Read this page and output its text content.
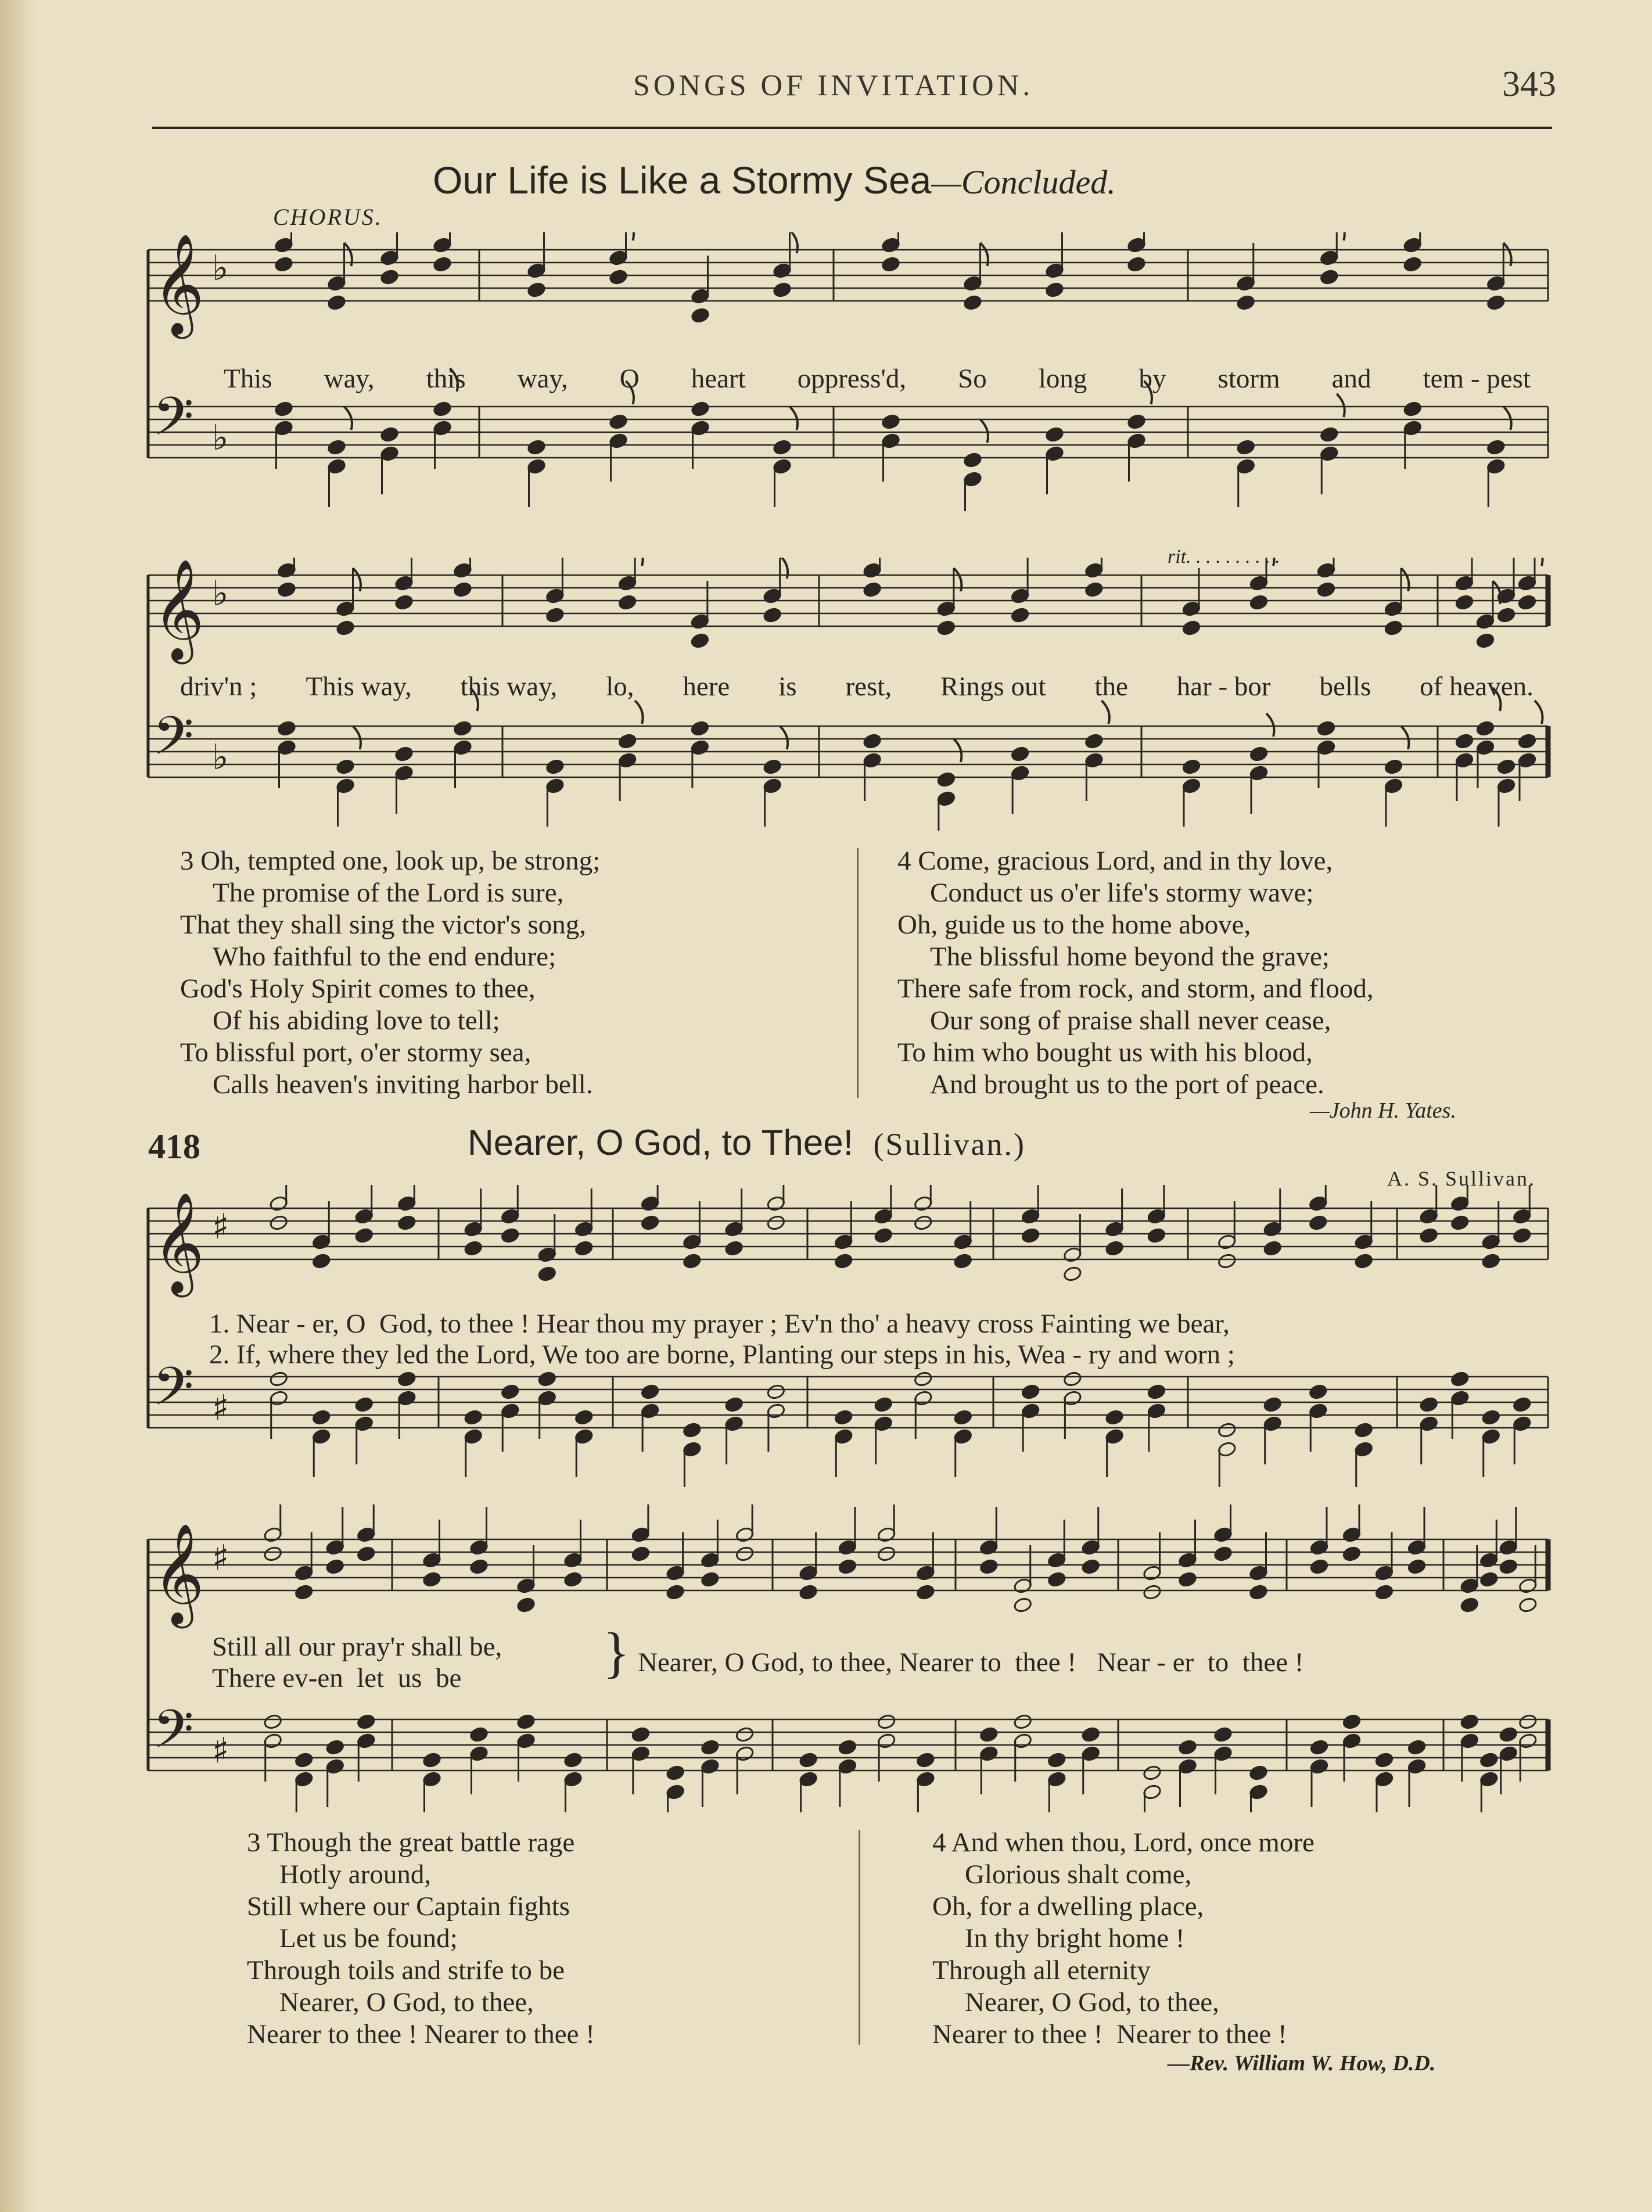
SONGS OF INVITATION.	343
Our Life is Like a Stormy Sea—Concluded.
CHORUS.
𝄞 ♭
𝄢 ♭
This way, this way, O heart oppress'd, So long by storm and tem - pest
rit. . . . . . . . . .
𝄞 ♭
𝄢 ♭
driv'n ; This way, this way, lo, here is rest, Rings out the har - bor bells of heaven.
3 Oh, tempted one, look up, be strong;
The promise of the Lord is sure,
That they shall sing the victor's song,
Who faithful to the end endure;
God's Holy Spirit comes to thee,
Of his abiding love to tell;
To blissful port, o'er stormy sea,
Calls heaven's inviting harbor bell.
4 Come, gracious Lord, and in thy love,
Conduct us o'er life's stormy wave;
Oh, guide us to the home above,
The blissful home beyond the grave;
There safe from rock, and storm, and flood,
Our song of praise shall never cease,
To him who bought us with his blood,
And brought us to the port of peace.
—John H. Yates.
418	Nearer, O God, to Thee! (Sullivan.)
A. S. Sullivan.
𝄞 ♯
𝄢 ♯
1. Near - er, O  God, to thee ! Hear thou my prayer ; Ev'n tho' a heavy cross Fainting we bear,
2. If, where they led the Lord, We too are borne, Planting our steps in his, Wea - ry and worn ;
𝄞 ♯
𝄢 ♯
Still all our pray'r shall be,
There ev-en  let  us  be	} Nearer, O God, to thee, Nearer to  thee !   Near - er  to  thee !
3 Though the great battle rage
Hotly around,
Still where our Captain fights
Let us be found;
Through toils and strife to be
Nearer, O God, to thee,
Nearer to thee ! Nearer to thee !
4 And when thou, Lord, once more
Glorious shalt come,
Oh, for a dwelling place,
In thy bright home !
Through all eternity
Nearer, O God, to thee,
Nearer to thee !  Nearer to thee !
—Rev. William W. How, D.D.
